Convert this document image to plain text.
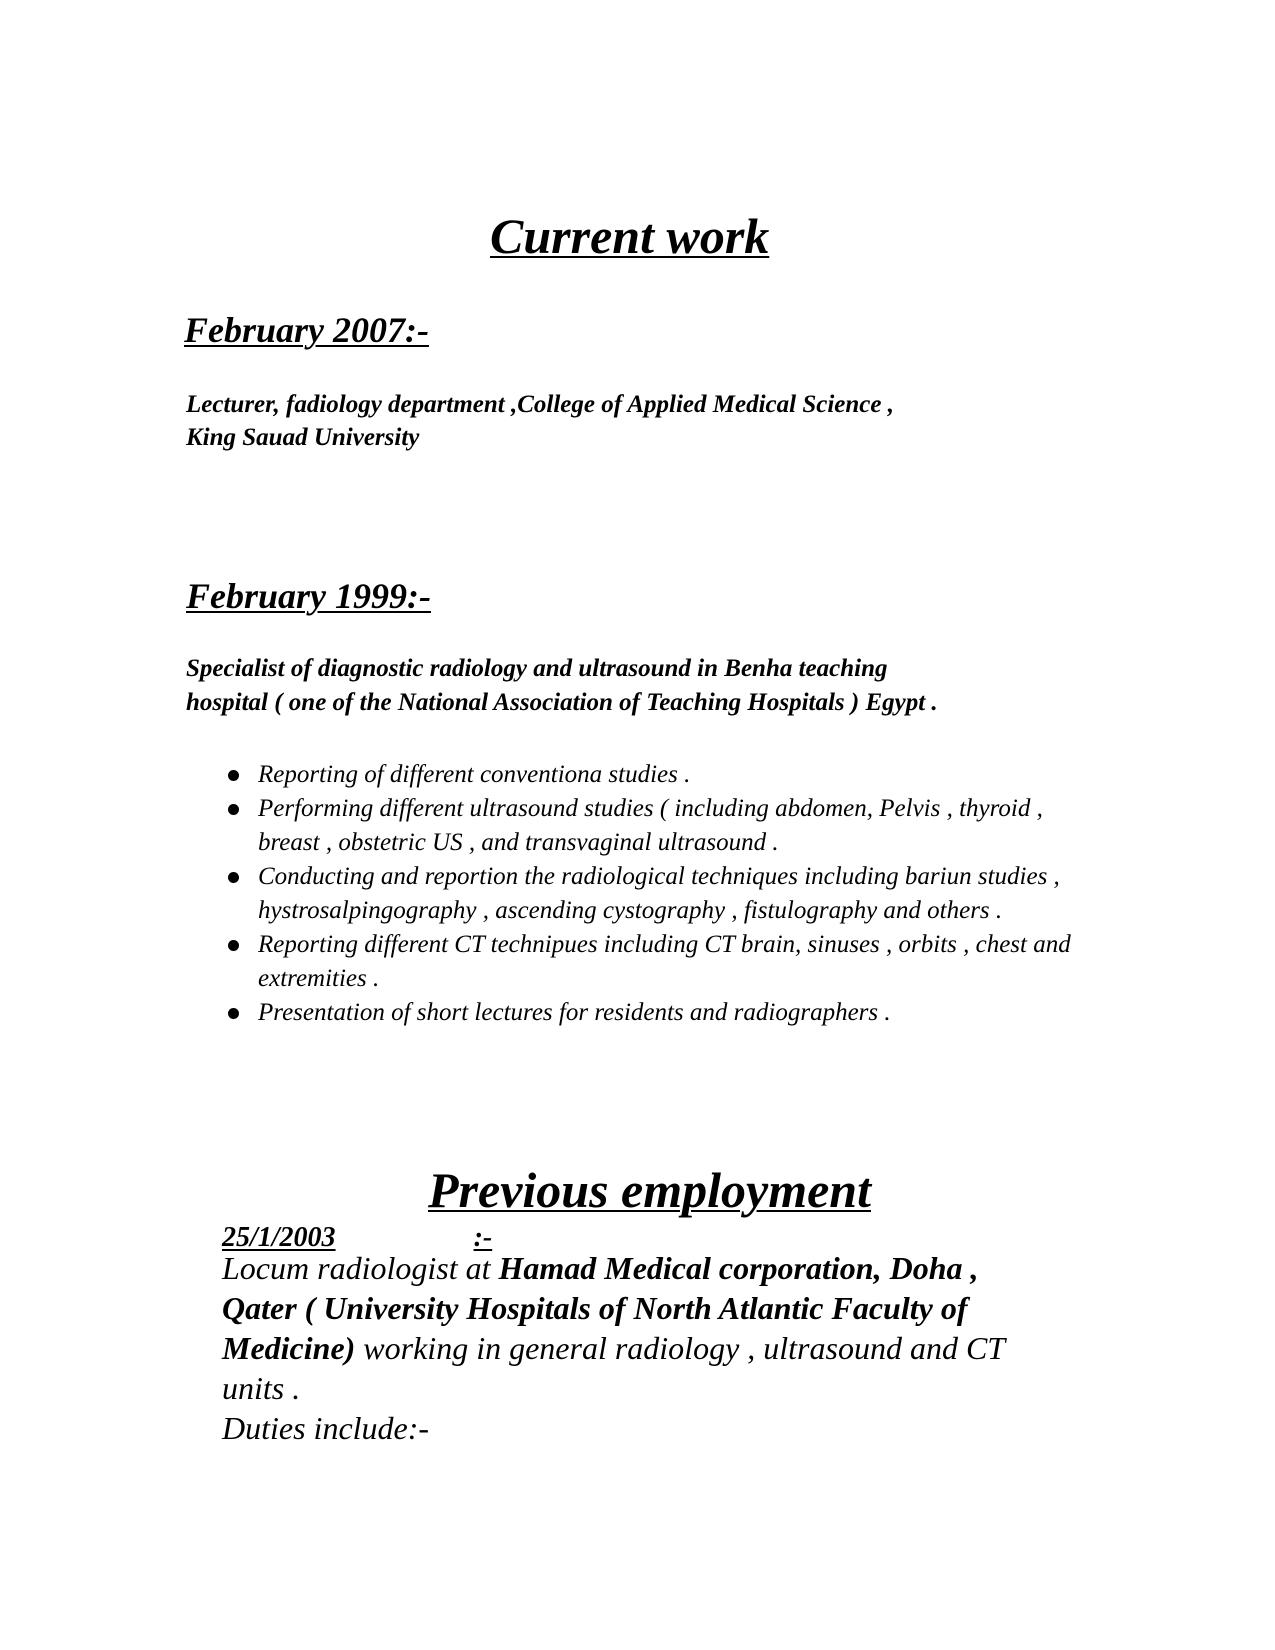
Current work
February 2007:-
Lecturer, fadiology department ,College of Applied Medical Science ,
King Sauad University
February 1999:-
Specialist of diagnostic radiology and ultrasound in Benha teaching
hospital ( one of the National Association of Teaching Hospitals ) Egypt .
Reporting of different conventiona studies .
Performing different ultrasound studies ( including abdomen, Pelvis , thyroid , breast , obstetric US , and transvaginal ultrasound .
Conducting and reportion the radiological techniques including bariun studies , hystrosalpingography , ascending cystography , fistulography and others .
Reporting different CT technipues including CT brain, sinuses , orbits , chest and extremities .
Presentation of short lectures for residents and radiographers .
Previous employment
25/1/2003	:-

Locum radiologist at Hamad Medical corporation, Doha , Qater ( University Hospitals of North Atlantic Faculty of Medicine) working in general radiology , ultrasound and CT units .
Duties include:-
